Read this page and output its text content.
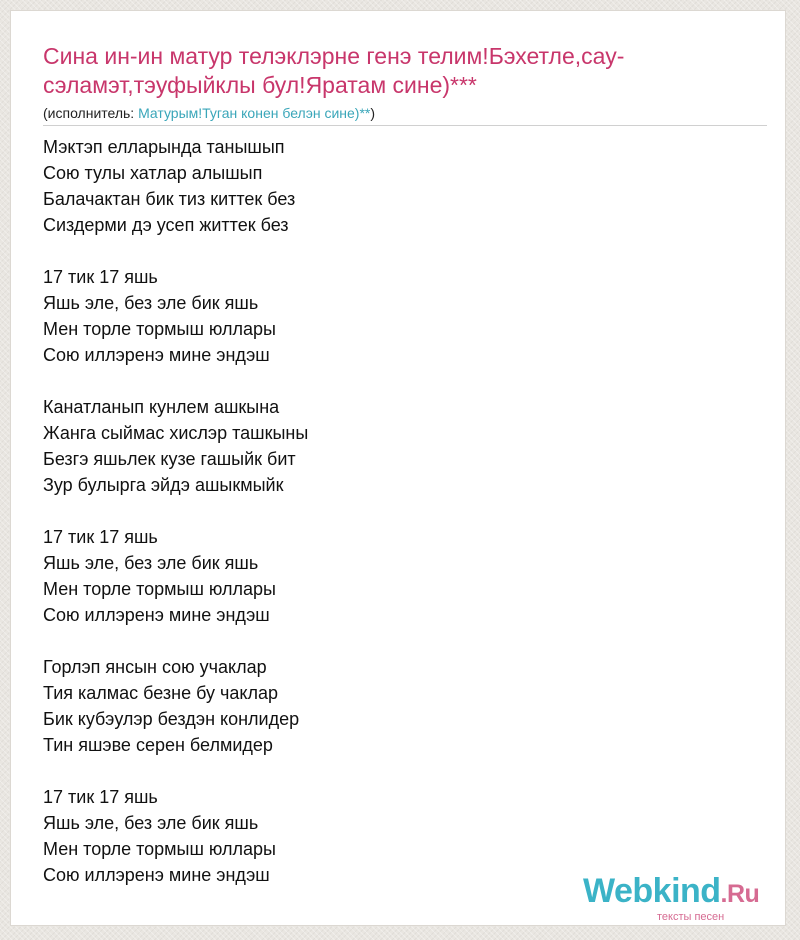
Сина ин-ин матур телэклэрне генэ телим!Бэхетле,сау-сэламэт,тэуфыйклы бул!Яратам сине)***
(исполнитель: Матурым!Туган конен белэн сине)**)
Мэктэп елларында танышып
Сою тулы хатлар алышып
Балачактан бик тиз киттек без
Сиздерми дэ усеп життек без
17 тик 17 яшь
Яшь эле, без эле бик яшь
Мен торле тормыш юллары
Сою иллэренэ мине эндэш
Канатланып кунлем ашкына
Жанга сыймас хислэр ташкыны
Безгэ яшьлек кузе гашыйк бит
Зур булырга эйдэ ашыкмыйк
17 тик 17 яшь
Яшь эле, без эле бик яшь
Мен торле тормыш юллары
Сою иллэренэ мине эндэш
Горлэп янсын сою учаклар
Тия калмас безне бу чаклар
Бик кубэулэр бездэн конлидер
Тин яшэве серен белмидер
17 тик 17 яшь
Яшь эле, без эле бик яшь
Мен торле тормыш юллары
Сою иллэренэ мине эндэш	Webkind.Ru
тексты песен
